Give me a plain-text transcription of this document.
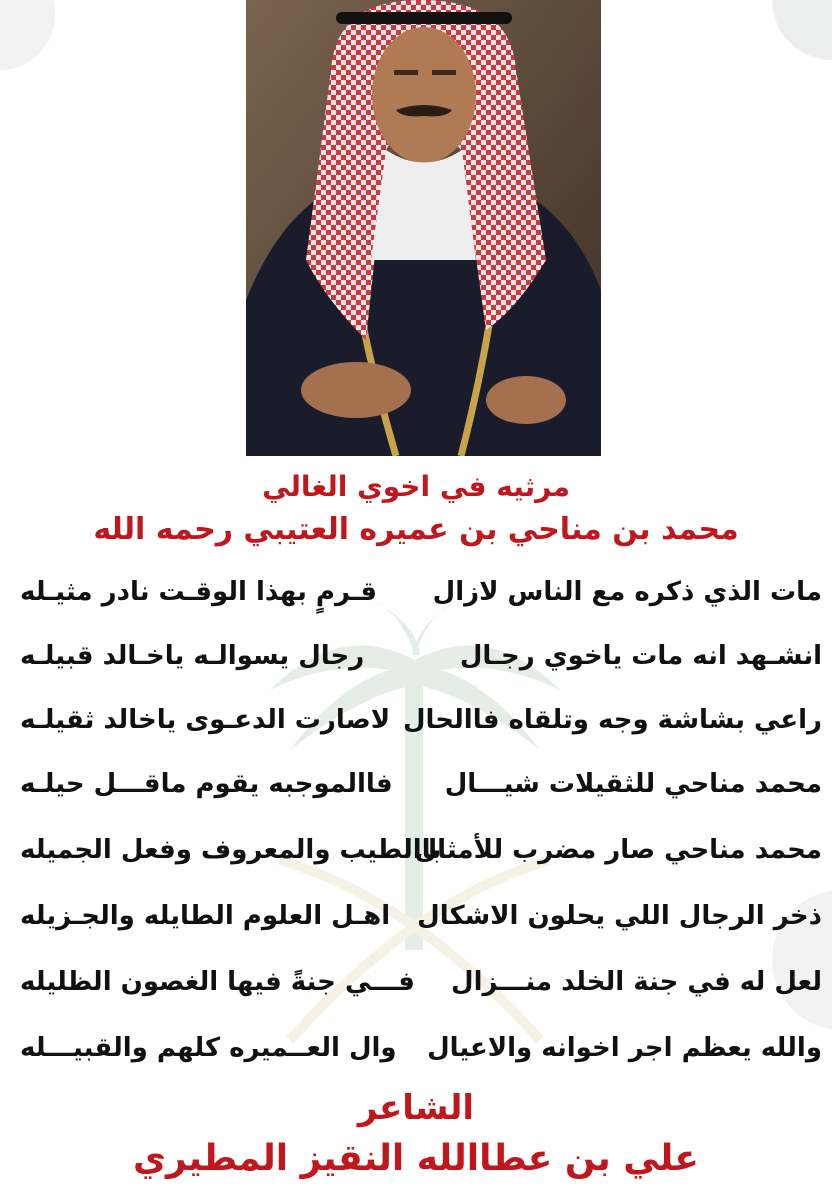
مرثيه في اخوي الغالي
محمد بن مناحي بن عميره العتيبي رحمه الله
مات الذي ذكره مع الناس لازال
قـرمٍ بهذا الوقـت نادر مثيـله
انشـهد انه مات ياخوي رجـال
رجال يسوالـه ياخـالد قبيلـه
راعي بشاشة وجه وتلقاه فاالحال
لاصارت الدعـوى ياخالد ثقيلـه
محمد مناحي للثقيلات شيـــال
فاالموجبه يقوم ماقـــل حيلـه
محمد مناحي صار مضرب للأمثال
باالطيب والمعروف وفعل الجميله
ذخر الرجال اللي يحلون الاشكال
اهـل العلوم الطايله والجـزيله
لعل له في جنة الخلد منـــزال
فـــي جنةً فيها الغصون الظليله
والله يعظم اجر اخوانه والاعيال
وال العــميره كلهم والقبيـــله
الشاعر
علي بن عطاالله النقيز المطيري
